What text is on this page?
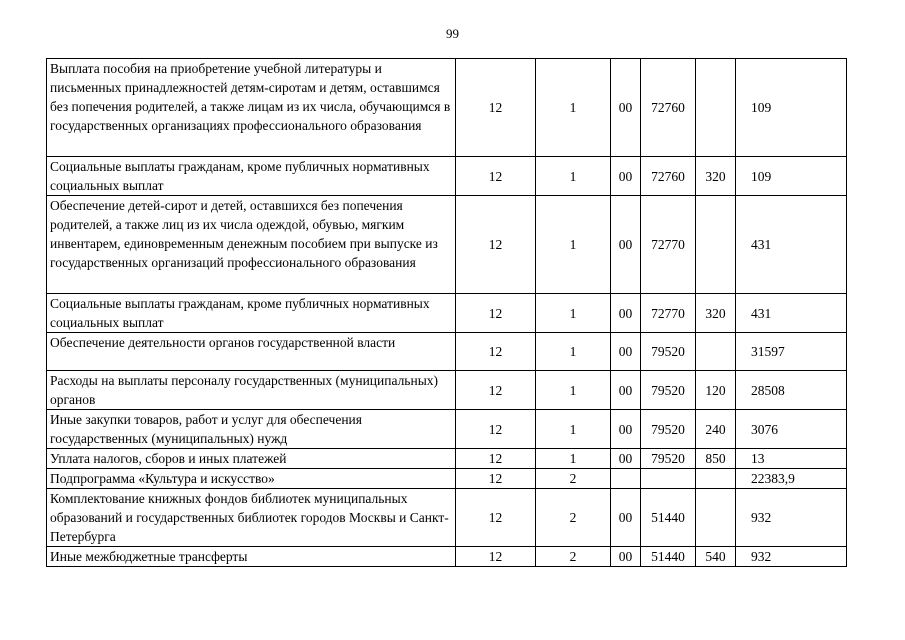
99
Выплата пособия на приобретение учебной литературы и письменных принадлежностей детям-сиротам и детям, оставшимся без попечения родителей, а также лицам из их числа, обучающимся в государственных организациях профессионального образования	12	1	00	72760		109
Социальные выплаты гражданам, кроме публичных нормативных социальных выплат	12	1	00	72760	320	109
Обеспечение детей-сирот и детей, оставшихся без попечения родителей, а также лиц из их числа одеждой, обувью, мягким инвентарем, единовременным денежным пособием при выпуске из государственных организаций профессионального образования	12	1	00	72770		431
Социальные выплаты гражданам, кроме публичных нормативных социальных выплат	12	1	00	72770	320	431
Обеспечение деятельности органов государственной власти	12	1	00	79520		31597
Расходы на выплаты персоналу государственных (муниципальных) органов	12	1	00	79520	120	28508
Иные закупки товаров, работ и услуг для обеспечения государственных (муниципальных) нужд	12	1	00	79520	240	3076
Уплата налогов, сборов и иных платежей	12	1	00	79520	850	13
Подпрограмма «Культура и искусство»	12	2				22383,9
Комплектование книжных фондов библиотек муниципальных образований и государственных библиотек городов Москвы и Санкт-Петербурга	12	2	00	51440		932
Иные межбюджетные трансферты	12	2	00	51440	540	932
